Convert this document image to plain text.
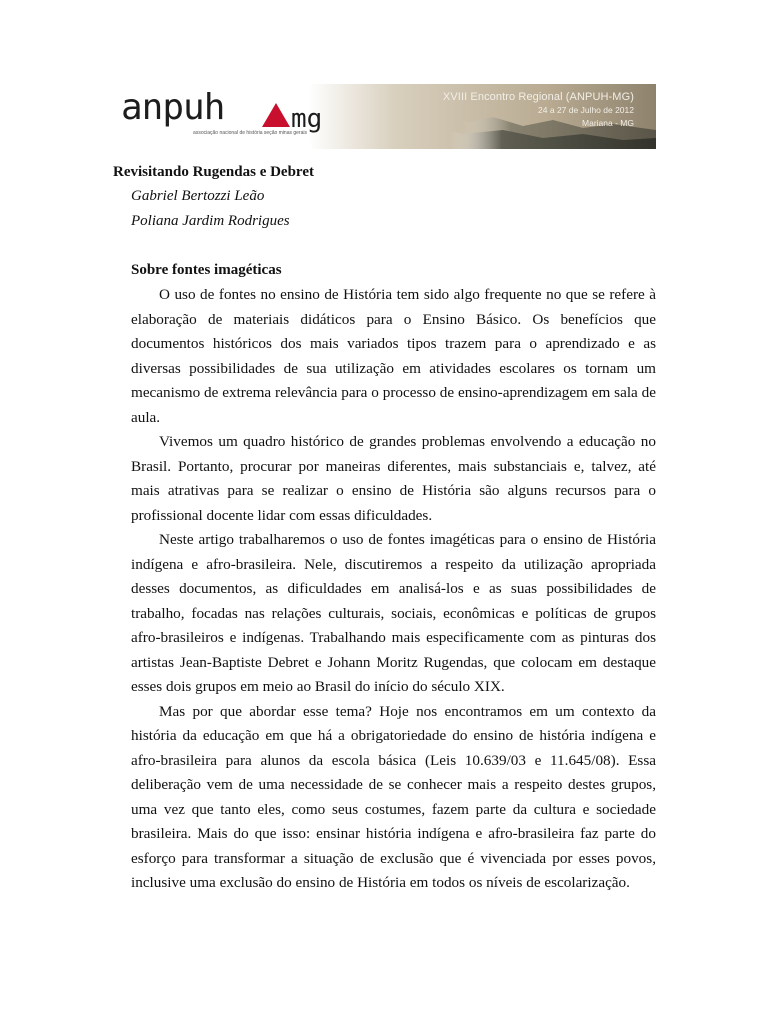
anpuh	mg
associação nacional de história seção minas gerais
XVIII Encontro Regional (ANPUH-MG)
24 a 27 de Julho de 2012
Mariana - MG
Revisitando Rugendas e Debret

Gabriel Bertozzi Leão

Poliana Jardim Rodrigues

Sobre fontes imagéticas

O uso de fontes no ensino de História tem sido algo frequente no que se refere à elaboração de materiais didáticos para o Ensino Básico. Os benefícios que documentos históricos dos mais variados tipos trazem para o aprendizado e as diversas possibilidades de sua utilização em atividades escolares os tornam um mecanismo de extrema relevância para o processo de ensino-aprendizagem em sala de aula.

Vivemos um quadro histórico de grandes problemas envolvendo a educação no Brasil. Portanto, procurar por maneiras diferentes, mais substanciais e, talvez, até mais atrativas para se realizar o ensino de História são alguns recursos para o profissional docente lidar com essas dificuldades.

Neste artigo trabalharemos o uso de fontes imagéticas para o ensino de História indígena e afro-brasileira. Nele, discutiremos a respeito da utilização apropriada desses documentos, as dificuldades em analisá-los e as suas possibilidades de trabalho, focadas nas relações culturais, sociais, econômicas e políticas de grupos afro-brasileiros e indígenas. Trabalhando mais especificamente com as pinturas dos artistas Jean-Baptiste Debret e Johann Moritz Rugendas, que colocam em destaque esses dois grupos em meio ao Brasil do início do século XIX.

Mas por que abordar esse tema? Hoje nos encontramos em um contexto da história da educação em que há a obrigatoriedade do ensino de história indígena e afro-brasileira para alunos da escola básica (Leis 10.639/03 e 11.645/08). Essa deliberação vem de uma necessidade de se conhecer mais a respeito destes grupos, uma vez que tanto eles, como seus costumes, fazem parte da cultura e sociedade brasileira. Mais do que isso: ensinar história indígena e afro-brasileira faz parte do esforço para transformar a situação de exclusão que é vivenciada por esses povos, inclusive uma exclusão do ensino de História em todos os níveis de escolarização.
